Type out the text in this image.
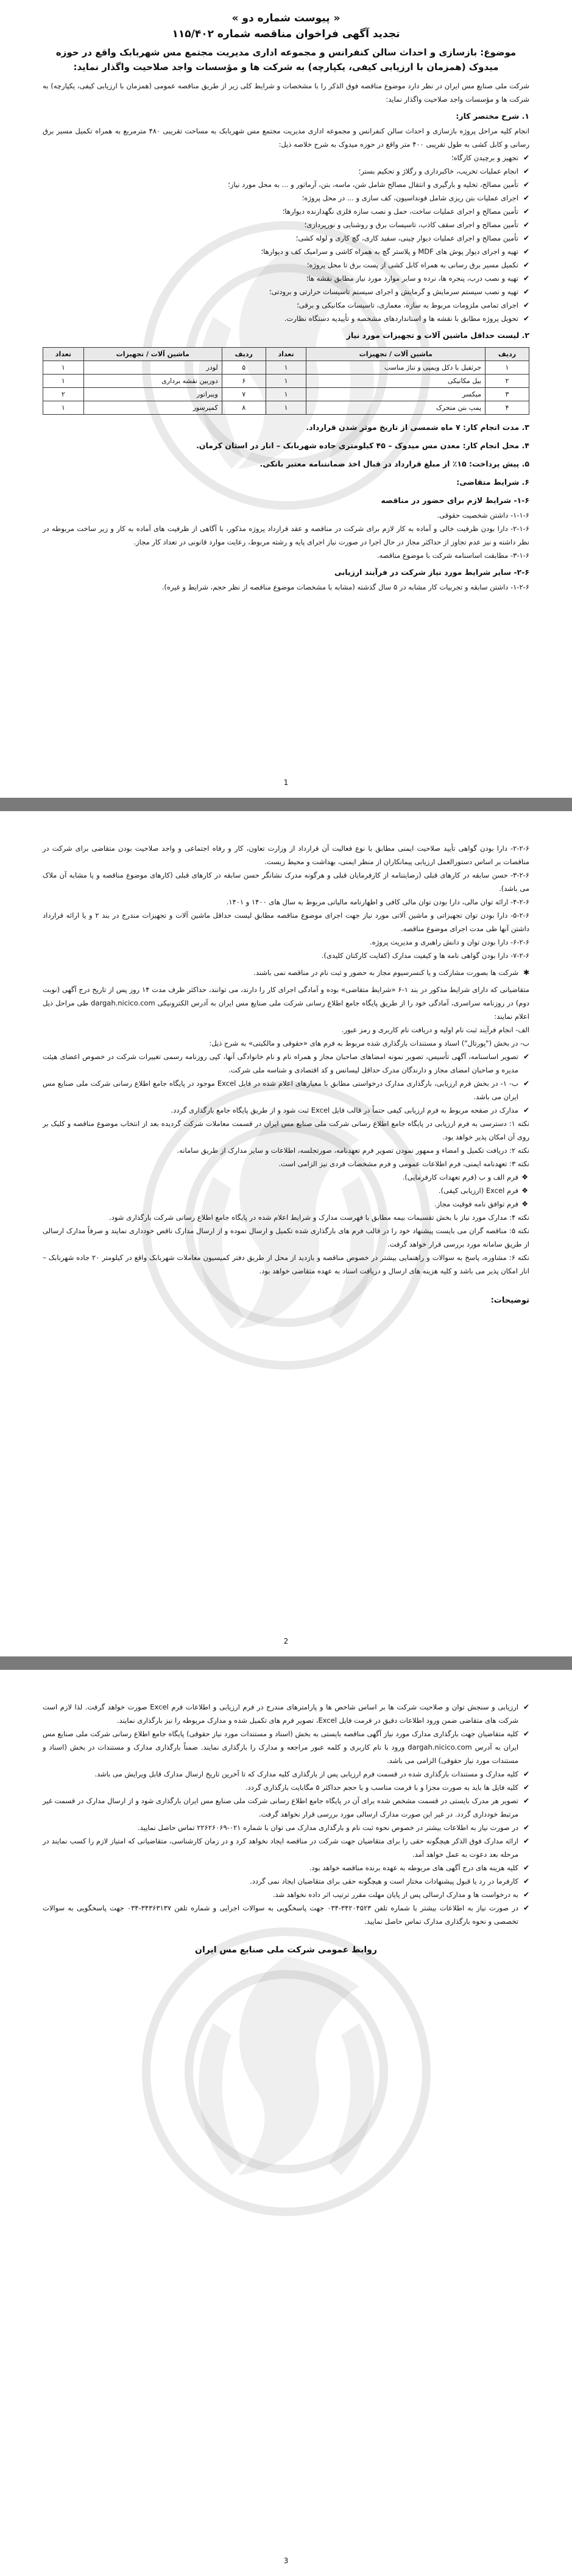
« پیوست شماره دو »

تجدید آگهی فراخوان مناقصه شماره ۱۱۵/۴۰۲

موضوع: بازسازی و احداث سالن کنفرانس و مجموعه اداری مدیریت مجتمع مس شهربابک واقع در حوزه میدوک (همزمان با ارزیابی کیفی، یکپارچه) به شرکت ها و مؤسسات واجد صلاحیت واگذار نماید:

شرکت ملی صنایع مس ایران در نظر دارد موضوع مناقصه فوق الذکر را با مشخصات و شرایط کلی زیر از طریق مناقصه عمومی (همزمان با ارزیابی کیفی، یکپارچه) به شرکت ها و مؤسسات واجد صلاحیت واگذار نماید:

۱. شرح مختصر کار:

انجام کلیه مراحل پروژه بازسازی و احداث سالن کنفرانس و مجموعه اداری مدیریت مجتمع مس شهربابک به مساحت تقریبی ۴۸۰ مترمربع به همراه تکمیل مسیر برق رسانی و کابل کشی به طول تقریبی ۴۰۰ متر واقع در حوزه میدوک به شرح خلاصه ذیل:

✔
تجهیز و برچیدن کارگاه؛
✔
انجام عملیات تخریب، خاکبرداری و رگلاژ و تحکیم بستر؛
✔
تأمین مصالح، تخلیه و بارگیری و انتقال مصالح شامل شن، ماسه، بتن، آرماتور و ... به محل مورد نیاز؛
✔
اجرای عملیات بتن ریزی شامل فونداسیون، کف سازی و ... در محل پروژه؛
✔
تأمین مصالح و اجرای عملیات ساخت، حمل و نصب سازه فلزی نگهدارنده دیوارها؛
✔
تأمین مصالح و اجرای سقف کاذب، تاسیسات برق و روشنایی و نورپردازی؛
✔
تأمین مصالح و اجرای عملیات دیوار چینی، سفید کاری، گچ کاری و لوله کشی؛
✔
تهیه و اجرای دیوار پوش های MDF و پلاستر گچ به همراه کاشی و سرامیک کف و دیوارها؛
✔
تکمیل مسیر برق رسانی به همراه کابل کشی از پست برق تا محل پروژه؛
✔
تهیه و نصب درب، پنجره ها، نرده و سایر موارد مورد نیاز مطابق نقشه ها؛
✔
تهیه و نصب سیستم سرمایش و گرمایش و اجرای سیستم تاسیسات حرارتی و برودتی؛
✔
اجرای تمامی ملزومات مربوط به سازه، معماری، تاسیسات مکانیکی و برقی؛
✔
تحویل پروژه مطابق با نقشه ها و استانداردهای مشخصه و تأییدیه دستگاه نظارت.

۲. لیست حداقل ماشین آلات و تجهیزات مورد نیاز

ردیف	ماشین آلات / تجهیزات	تعداد	ردیف	ماشین آلات / تجهیزات	تعداد
۱	جرثقیل با دکل ویمپی و تناژ مناسب	۱	۵	لودر	۱
۲	بیل مکانیکی	۱	۶	دوربین نقشه برداری	۱
۳	میکسر	۱	۷	ویبراتور	۲
۴	پمپ بتن متحرک	۱	۸	کمپرسور	۱

۳. مدت انجام کار: ۷ ماه شمسی از تاریخ موثر شدن قرارداد.

۴. محل انجام کار: معدن مس میدوک – ۴۵ کیلومتری جاده شهربابک – انار در استان کرمان.

۵. پیش پرداخت: ۱۵٪ از مبلغ قرارداد در قبال اخذ ضمانتنامه معتبر بانکی.

۶. شرایط متقاضی:

۱-۶- شرایط لازم برای حضور در مناقصه

۱-۱-۶- داشتن شخصیت حقوقی.

۲-۱-۶- دارا بودن ظرفیت خالی و آماده به کار لازم برای شرکت در مناقصه و عقد قرارداد پروژه مذکور، با آگاهی از ظرفیت های آماده به کار و زیر ساخت مربوطه در نظر داشته و نیز عدم تجاوز از حداکثر مجاز در حال اجرا در صورت نیاز اجرای پایه و رشته مربوط، رعایت موارد قانونی در تعداد کار مجاز.

۳-۱-۶- مطابقت اساسنامه شرکت با موضوع مناقصه.

۲-۶- سایر شرایط مورد نیاز شرکت در فرآیند ارزیابی

۱-۲-۶- داشتن سابقه و تجربیات کار مشابه در ۵ سال گذشته (مشابه با مشخصات موضوع مناقصه از نظر حجم، شرایط و غیره).

1

۲-۲-۶- دارا بودن گواهی تأیید صلاحیت ایمنی مطابق با نوع فعالیت آن قرارداد از وزارت تعاون، کار و رفاه اجتماعی و واجد صلاحیت بودن متقاضی برای شرکت در مناقصات بر اساس دستورالعمل ارزیابی پیمانکاران از منظر ایمنی، بهداشت و محیط زیست.

۳-۲-۶- حسن سابقه در کارهای قبلی (رضایتنامه از کارفرمایان قبلی و هرگونه مدرک نشانگر حسن سابقه در کارهای قبلی (کارهای موضوع مناقصه و یا مشابه آن ملاک می باشد).

۴-۲-۶- ارائه توان مالی، دارا بودن توان مالی کافی و اظهارنامه مالیاتی مربوط به سال های ۱۴۰۰ و ۱۴۰۱.

۵-۲-۶- دارا بودن توان تجهیزاتی و ماشین آلاتی مورد نیاز جهت اجرای موضوع مناقصه مطابق لیست حداقل ماشین آلات و تجهیزات مندرج در بند ۲ و یا ارائه قرارداد داشتن آنها طی مدت اجرای موضوع مناقصه.

۶-۲-۶- دارا بودن توان و دانش راهبری و مدیریت پروژه.

۷-۲-۶- دارا بودن گواهی نامه ها و کیفیت مدارک (کفایت کارکنان کلیدی).

✱
شرکت ها بصورت مشارکت و یا کنسرسیوم مجاز به حضور و ثبت نام در مناقصه نمی باشند.

متقاضیانی که دارای شرایط مذکور در بند ۱-۶ «شرایط متقاضی» بوده و آمادگی اجرای کار را دارند، می توانند، حداکثر ظرف مدت ۱۴ روز پس از تاریخ درج آگهی (نوبت دوم) در روزنامه سراسری، آمادگی خود را از طریق پایگاه جامع اطلاع رسانی شرکت ملی صنایع مس ایران به آدرس الکترونیکی dargah.nicico.com طی مراحل ذیل اعلام نمایند:

الف- انجام فرآیند ثبت نام اولیه و دریافت نام کاربری و رمز عبور.

ب- در بخش ("پورتال") اسناد و مستندات بارگذاری شده مربوط به فرم های «حقوقی و مالکیتی» به شرح ذیل:

✔
تصویر اساسنامه، آگهی تأسیس، تصویر نمونه امضاهای صاحبان مجاز و همراه نام و نام خانوادگی آنها، کپی روزنامه رسمی تغییرات شرکت در خصوص اعضای هیئت مدیره و صاحبان امضای مجاز و دارندگان مدرک حداقل لیسانس و کد اقتصادی و شناسه ملی شرکت.
✔
ب- ۱- در بخش فرم ارزیابی، بارگذاری مدارک درخواستی مطابق با معیارهای اعلام شده در فایل Excel موجود در پایگاه جامع اطلاع رسانی شرکت ملی صنایع مس ایران می باشد.
✔
مدارک در صفحه مربوط به فرم ارزیابی کیفی حتماً در قالب فایل Excel ثبت شود و از طریق پایگاه جامع بارگذاری گردد.

نکته ۱: دسترسی به فرم ارزیابی در پایگاه جامع اطلاع رسانی شرکت ملی صنایع مس ایران در قسمت معاملات شرکت گردیده بعد از انتخاب موضوع مناقصه و کلیک بر روی آن امکان پذیر خواهد بود.

نکته ۲: دریافت تکمیل و امضاء و ممهور نمودن تصویر فرم تعهدنامه، صورتجلسه، اطلاعات و سایر مدارک از طریق سامانه.

نکته ۳: تعهدنامه ایمنی، فرم اطلاعات عمومی و فرم مشخصات فردی نیز الزامی است.

❖
فرم الف و ب (فرم تعهدات کارفرمایی).
❖
فرم Excel (ارزیابی کیفی).
❖
فرم توافق نامه فوقیت مجاز.

نکته ۴: مدارک مورد نیاز با بخش تقسیمات بیمه مطابق با فهرست مدارک و شرایط اعلام شده در پایگاه جامع اطلاع رسانی شرکت بارگذاری شود.

نکته ۵: مناقصه گران می بایست پیشنهاد خود را در قالب فرم های بارگذاری شده تکمیل و ارسال نموده و از ارسال مدارک ناقص خودداری نمایند و صرفاً مدارک ارسالی از طریق سامانه مورد بررسی قرار خواهد گرفت.

نکته ۶: مشاوره، پاسخ به سوالات و راهنمایی بیشتر در خصوص مناقصه و بازدید از محل از طریق دفتر کمیسیون معاملات شهربابک واقع در کیلومتر ۲۰ جاده شهربابک – انار امکان پذیر می باشد و کلیه هزینه های ارسال و دریافت اسناد به عهده متقاضی خواهد بود.

توضیحات:

2
✔
ارزیابی و سنجش توان و صلاحیت شرکت ها بر اساس شاخص ها و پارامترهای مندرج در فرم ارزیابی و اطلاعات فرم Excel صورت خواهد گرفت. لذا لازم است شرکت های متقاضی ضمن ورود اطلاعات دقیق در فرمت فایل Excel، تصویر فرم های تکمیل شده و مدارک مربوطه را نیز بارگذاری نمایند.
✔
کلیه متقاضیان جهت بارگذاری مدارک مورد نیاز آگهی مناقصه بایستی به بخش (اسناد و مستندات مورد نیاز حقوقی) پایگاه جامع اطلاع رسانی شرکت ملی صنایع مس ایران به آدرس dargah.nicico.com ورود با نام کاربری و کلمه عبور مراجعه و مدارک را بارگذاری نمایند. ضمناً بارگذاری مدارک و مستندات در بخش (اسناد و مستندات مورد نیاز حقوقی) الزامی می باشد.
✔
کلیه مدارک و مستندات بارگذاری شده در قسمت فرم ارزیابی پس از بارگذاری کلیه مدارک که تا آخرین تاریخ ارسال مدارک قابل ویرایش می باشد.
✔
کلیه فایل ها باید به صورت مجزا و با فرمت مناسب و با حجم حداکثر ۵ مگابایت بارگذاری گردد.
✔
تصویر هر مدرک بایستی در قسمت مشخص شده برای آن در پایگاه جامع اطلاع رسانی شرکت ملی صنایع مس ایران بارگذاری شود و از ارسال مدارک در قسمت غیر مرتبط خودداری گردد. در غیر این صورت مدارک ارسالی مورد بررسی قرار نخواهد گرفت.
✔
در صورت نیاز به اطلاعات بیشتر در خصوص نحوه ثبت نام و بارگذاری مدارک می توان با شماره ۰۲۱-۲۲۶۲۶۰۶۹ تماس حاصل نمایید.
✔
ارائه مدارک فوق الذکر هیچگونه حقی را برای متقاضیان جهت شرکت در مناقصه ایجاد نخواهد کرد و در زمان کارشناسی، متقاضیانی که امتیاز لازم را کسب نمایند در مرحله بعد دعوت به عمل خواهد آمد.
✔
کلیه هزینه های درج آگهی های مربوطه به عهده برنده مناقصه خواهد بود.
✔
کارفرما در رد یا قبول پیشنهادات مختار است و هیچگونه حقی برای متقاضیان ایجاد نمی گردد.
✔
به درخواست ها و مدارک ارسالی پس از پایان مهلت مقرر ترتیب اثر داده نخواهد شد.
✔
در صورت نیاز به اطلاعات بیشتر با شماره تلفن ۳۴۲۰۴۵۲۳-۰۳۴ جهت پاسخگویی به سوالات اجرایی و شماره تلفن ۳۴۳۶۳۱۳۷-۰۳۴ جهت پاسخگویی به سوالات تخصصی و نحوه بارگذاری مدارک تماس حاصل نمایید.

روابط عمومی شرکت ملی صنایع مس ایران

3
